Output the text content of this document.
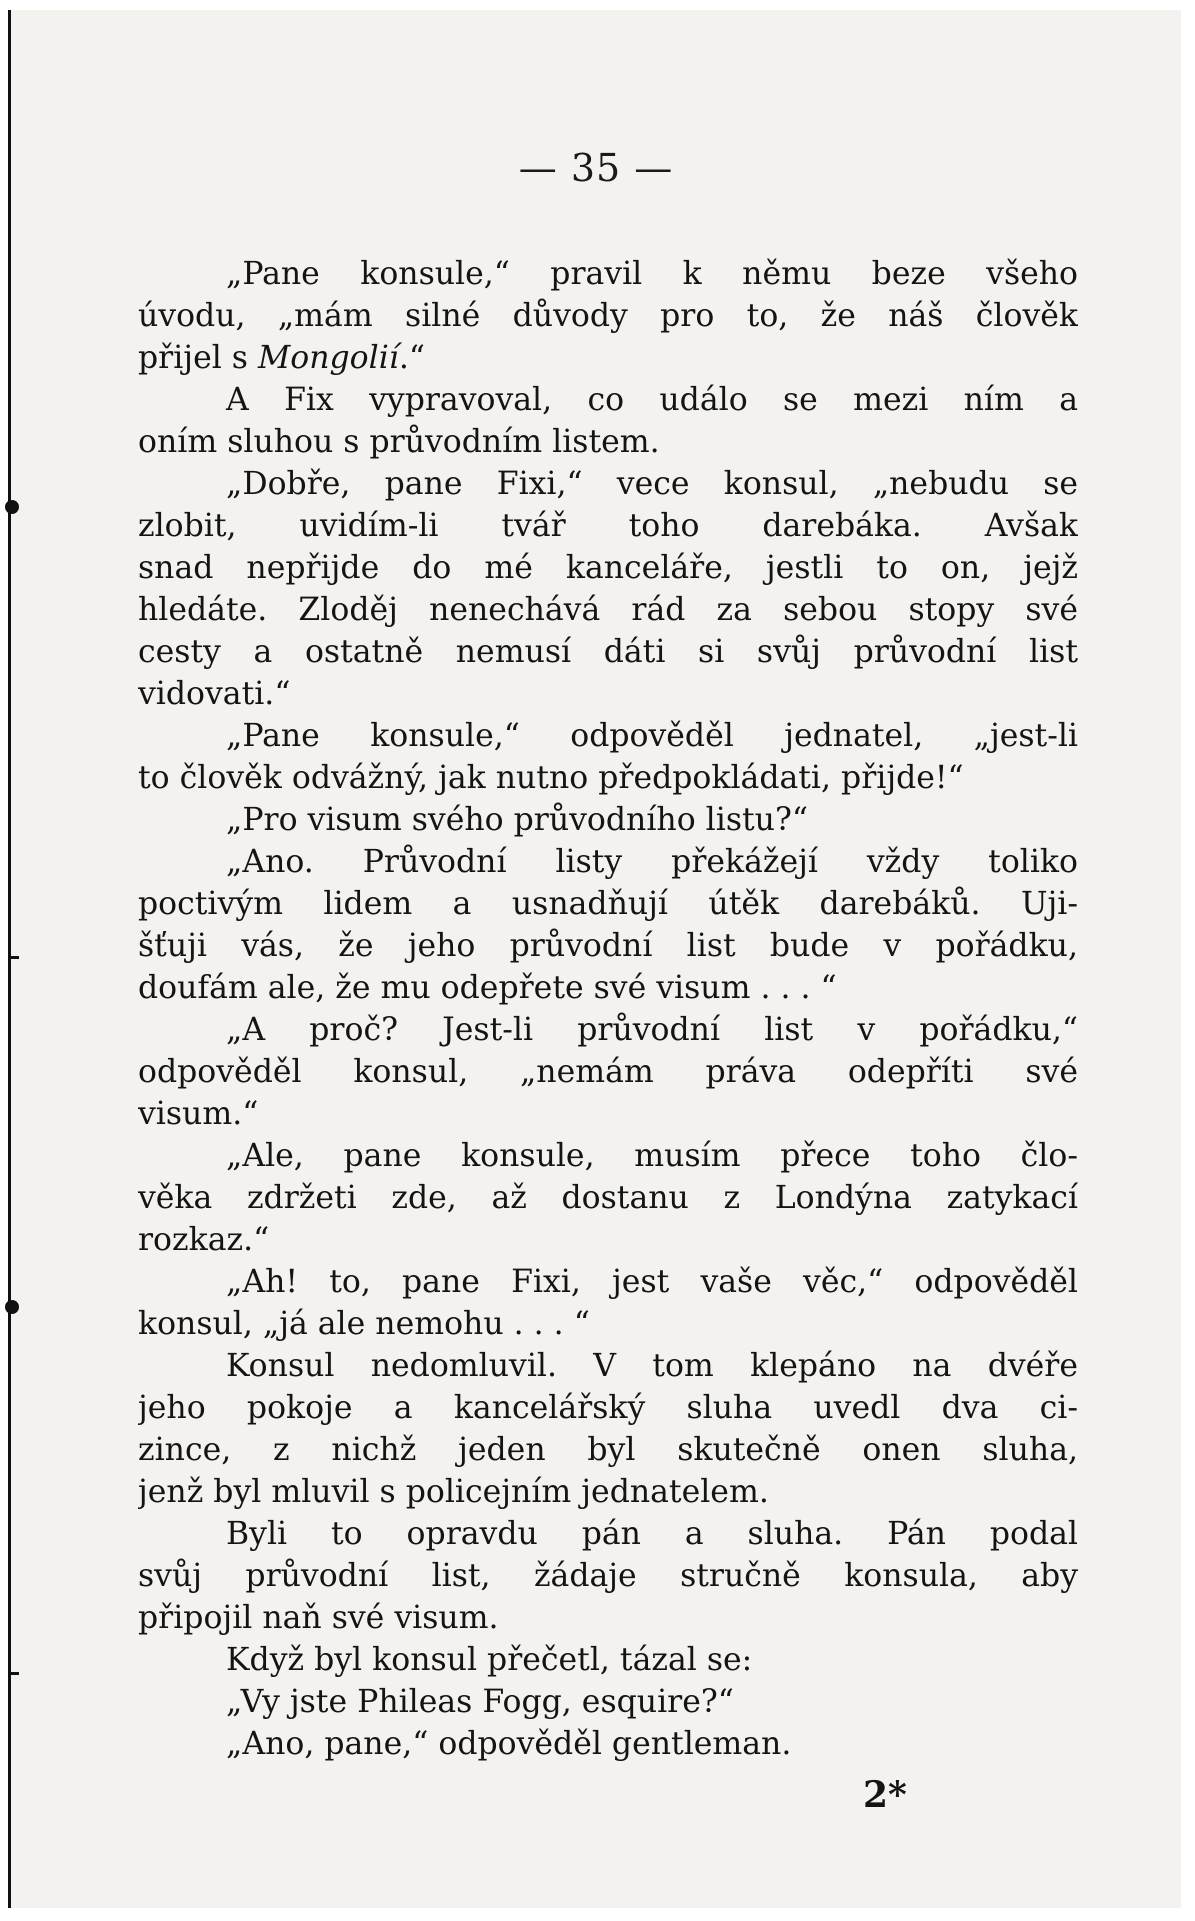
— 35 —
„Pane konsule,“ pravil k němu beze všeho
úvodu, „mám silné důvody pro to, že náš člověk
přijel s Mongolií.“
A Fix vypravoval, co událo se mezi ním a
oním sluhou s průvodním listem.
„Dobře, pane Fixi,“ vece konsul, „nebudu se
zlobit, uvidím-li tvář toho darebáka. Avšak
snad nepřijde do mé kanceláře, jestli to on, jejž
hledáte. Zloděj nenechává rád za sebou stopy své
cesty a ostatně nemusí dáti si svůj průvodní list
vidovati.“
„Pane konsule,“ odpověděl jednatel, „jest-li
to člověk odvážný, jak nutno předpokládati, přijde!“
„Pro visum svého průvodního listu?“
„Ano. Průvodní listy překážejí vždy toliko
poctivým lidem a usnadňují útěk darebáků. Uji-
šťuji vás, že jeho průvodní list bude v pořádku,
doufám ale, že mu odepřete své visum . . . “
„A proč? Jest-li průvodní list v pořádku,“
odpověděl konsul, „nemám práva odepříti své
visum.“
„Ale, pane konsule, musím přece toho člo-
věka zdržeti zde, až dostanu z Londýna zatykací
rozkaz.“
„Ah! to, pane Fixi, jest vaše věc,“ odpověděl
konsul, „já ale nemohu . . . “
Konsul nedomluvil. V tom klepáno na dvéře
jeho pokoje a kancelářský sluha uvedl dva ci-
zince, z nichž jeden byl skutečně onen sluha,
jenž byl mluvil s policejním jednatelem.
Byli to opravdu pán a sluha. Pán podal
svůj průvodní list, žádaje stručně konsula, aby
připojil naň své visum.
Když byl konsul přečetl, tázal se:
„Vy jste Phileas Fogg, esquire?“
„Ano, pane,“ odpověděl gentleman.
2*
